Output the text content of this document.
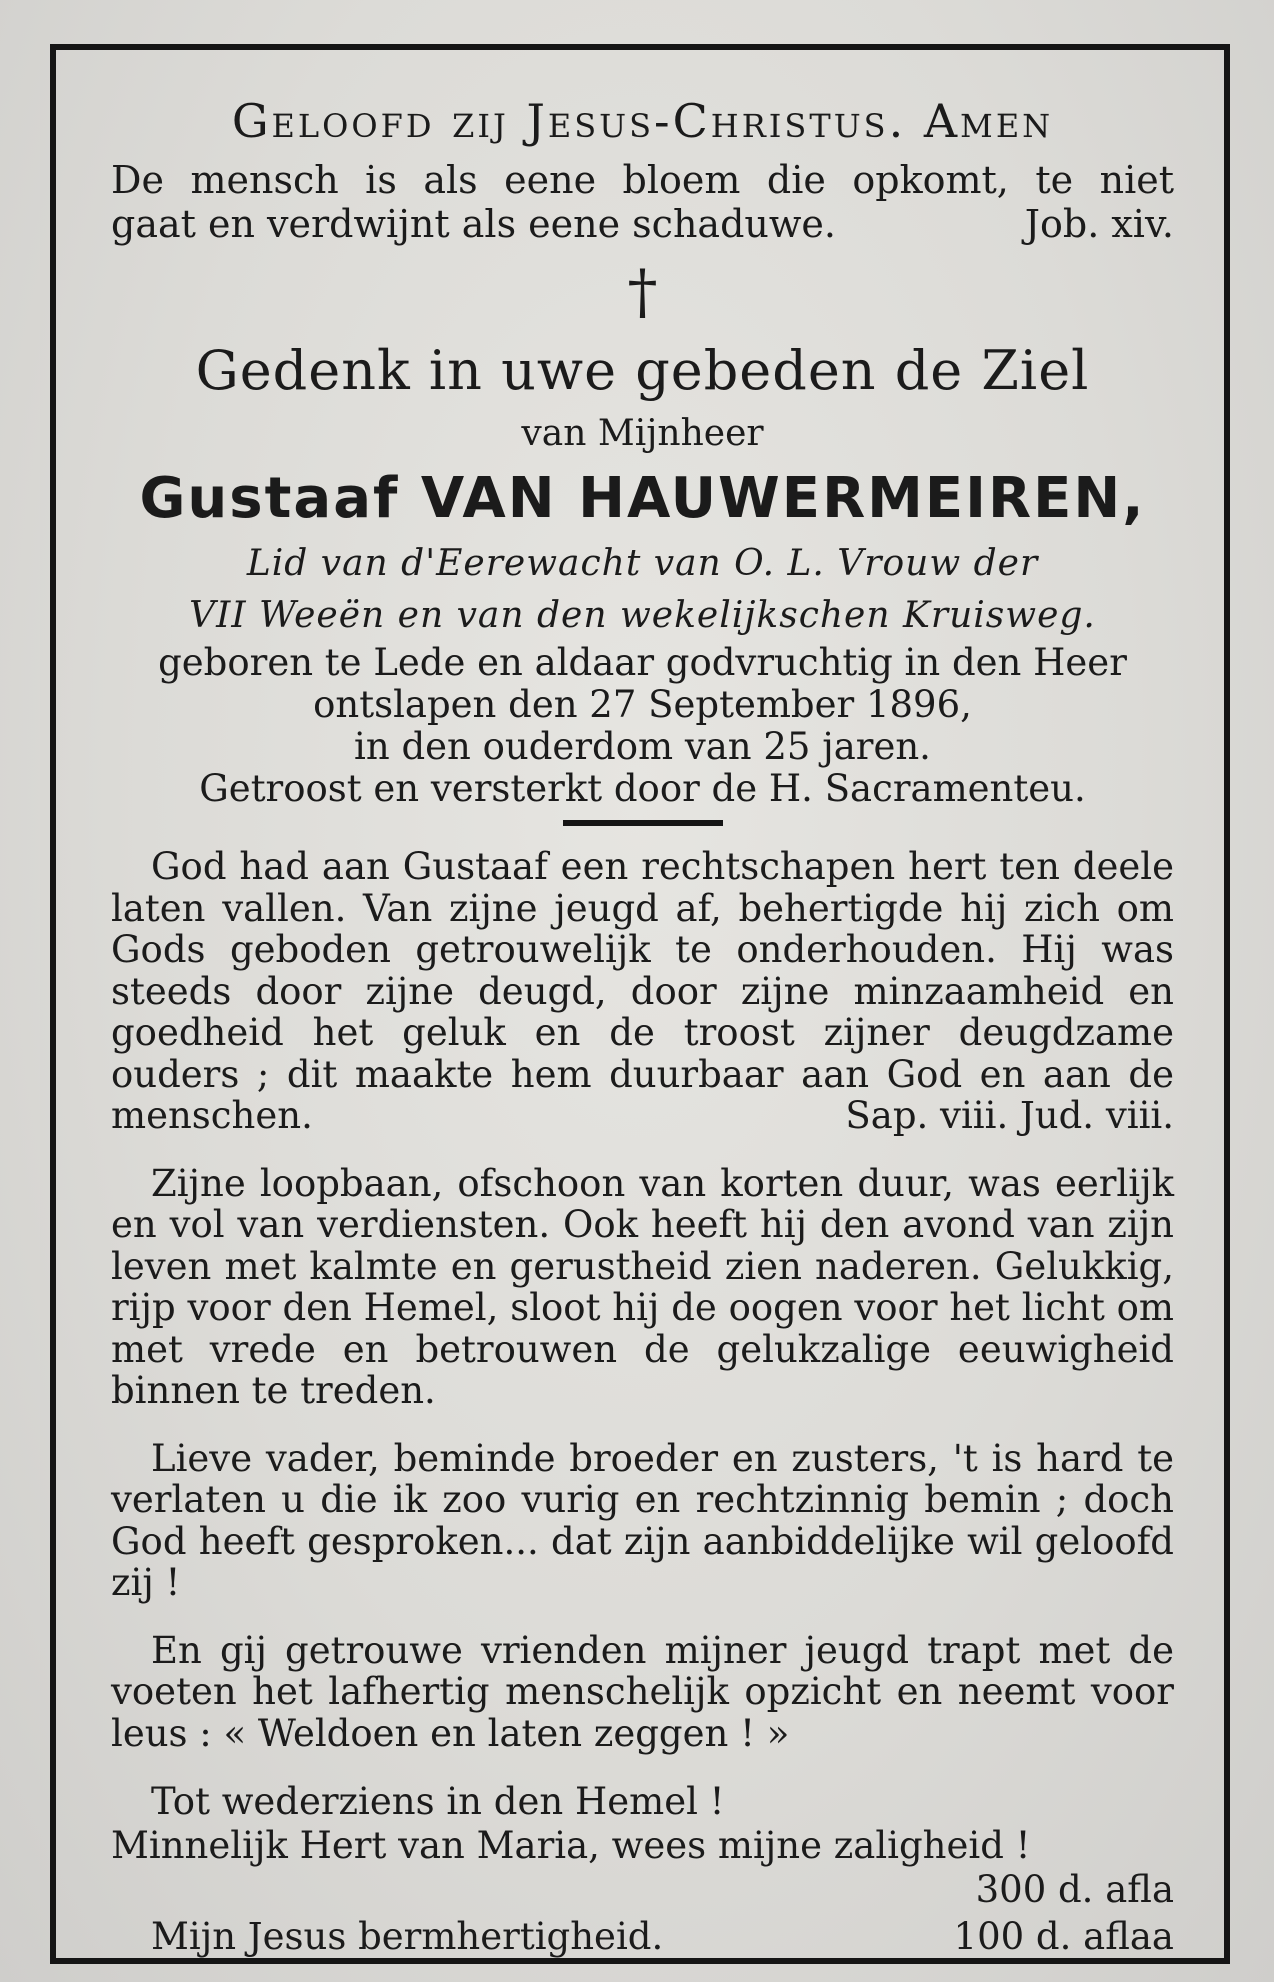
Geloofd zij Jesus-Christus. Amen
De mensch is als eene bloem die opkomt, te niet
gaat en verdwijnt als eene schaduwe.	Job. xiv.
†
Gedenk in uwe gebeden de Ziel
van Mijnheer
Gustaaf VAN HAUWERMEIREN,
Lid van d'Eerewacht van O. L. Vrouw der
VII Weeën en van den wekelijkschen Kruisweg.
geboren te Lede en aldaar godvruchtig in den Heer
ontslapen den 27 September 1896,
in den ouderdom van 25 jaren.
Getroost en versterkt door de H. Sacramenteu.

God had aan Gustaaf een rechtschapen hert ten deele laten vallen. Van zijne jeugd af, behertigde hij zich om Gods geboden getrouwelijk te onderhouden. Hij was steeds door zijne deugd, door zijne minzaamheid en goedheid het geluk en de troost zijner deugdzame ouders ; dit maakte hem duurbaar aan God en aan de menschen.	Sap. viii. Jud. viii.

Zijne loopbaan, ofschoon van korten duur, was eerlijk en vol van verdiensten. Ook heeft hij den avond van zijn leven met kalmte en gerustheid zien naderen. Gelukkig, rijp voor den Hemel, sloot hij de oogen voor het licht om met vrede en betrouwen de gelukzalige eeuwigheid binnen te treden.

Lieve vader, beminde broeder en zusters, 't is hard te verlaten u die ik zoo vurig en rechtzinnig bemin ; doch God heeft gesproken... dat zijn aanbiddelijke wil geloofd zij !

En gij getrouwe vrienden mijner jeugd trapt met de voeten het lafhertig menschelijk opzicht en neemt voor leus : « Weldoen en laten zeggen ! »

Tot wederziens in den Hemel !
Minnelijk Hert van Maria, wees mijne zaligheid !
300 d. afla
Mijn Jesus bermhertigheid.	100 d. aflaa
